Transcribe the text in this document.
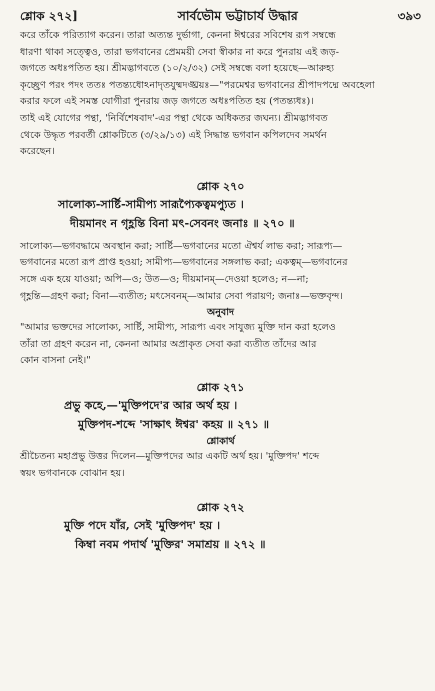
শ্লোক ২৭২]	সার্বভৌম ভট্টাচার্য উদ্ধার	৩৯৩

করে তাঁকে পরিত্যাগ করেন। তারা অত্যন্ত দুর্ভাগা, কেননা ঈশ্বরের সবিশেষ রূপ সম্বন্ধে

ধারণা থাকা সত্ত্বেও, তারা ভগবানের প্রেমময়ী সেবা স্বীকার না করে পুনরায় এই জড়-

জগতে অধঃপতিত হয়। শ্রীমদ্ভাগবতে (১০/২/৩২) সেই সম্বন্ধে বলা হয়েছে—আরুহ্য

কৃচ্ছ্রেণ পরং পদং ততঃ পতন্ত্যধোঽনাদৃতযুষ্মদঙ্ঘ্রয়ঃ—"পরমেশ্বর ভগবানের শ্রীপাদপদ্মে অবহেলা

করার ফলে এই সমস্ত যোগীরা পুনরায় জড় জগতে অধঃপতিত হয় (পতন্ত্যধঃ)।

তাই এই যোগের পন্থা, 'নির্বিশেষবাদ'-এর পন্থা থেকে অধিকতর জঘন্য। শ্রীমদ্ভাগবত

থেকে উদ্ধৃত পরবর্তী শ্লোকটিতে (৩/২৯/১৩) এই সিদ্ধান্ত ভগবান কপিলদেব সমর্থন

করেছেন।

শ্লোক ২৭০

সালোক্য-সার্ষ্টি-সামীপ্য সারূপ্যৈকত্বমপ্যুত ।

দীয়মানং ন গৃহ্ণন্তি বিনা মৎ-সেবনং জনাঃ ॥ ২৭০ ॥

সালোক্য—ভগবদ্ধামে অবস্থান করা; সার্ষ্টি—ভগবানের মতো ঐশ্বর্য লাভ করা; সারূপ্য—

ভগবানের মতো রূপ প্রাপ্ত হওয়া; সামীপ্য—ভগবানের সঙ্গলাভ করা; একত্বম্—ভগবানের

সঙ্গে এক হয়ে যাওয়া; অপি—ও; উত—ও; দীয়মানম্—দেওয়া হলেও; ন—না;

গৃহ্ণন্তি—গ্রহণ করা; বিনা—ব্যতীত; মৎসেবনম্—আমার সেবা পরায়ণ; জনাঃ—ভক্তবৃন্দ।

অনুবাদ

"আমার ভক্তদের সালোক্য, সার্ষ্টি, সামীপ্য, সারূপ্য এবং সাযুজ্য মুক্তি দান করা হলেও

তাঁরা তা গ্রহণ করেন না, কেননা আমার অপ্রাকৃত সেবা করা ব্যতীত তাঁদের আর

কোন বাসনা নেই।"

শ্লোক ২৭১

প্রভু কহে,—'মুক্তিপদে'র আর অর্থ হয় ।

মুক্তিপদ-শব্দে 'সাক্ষাৎ ঈশ্বর' কহয় ॥ ২৭১ ॥

শ্লোকার্থ

শ্রীচৈতন্য মহাপ্রভু উত্তর দিলেন—মুক্তিপদের আর একটি অর্থ হয়। 'মুক্তিপদ' শব্দে

স্বয়ং ভগবানকে বোঝান হয়।

শ্লোক ২৭২

মুক্তি পদে যাঁর, সেই 'মুক্তিপদ' হয় ।

কিম্বা নবম পদার্থ 'মুক্তির' সমাশ্রয় ॥ ২৭২ ॥
